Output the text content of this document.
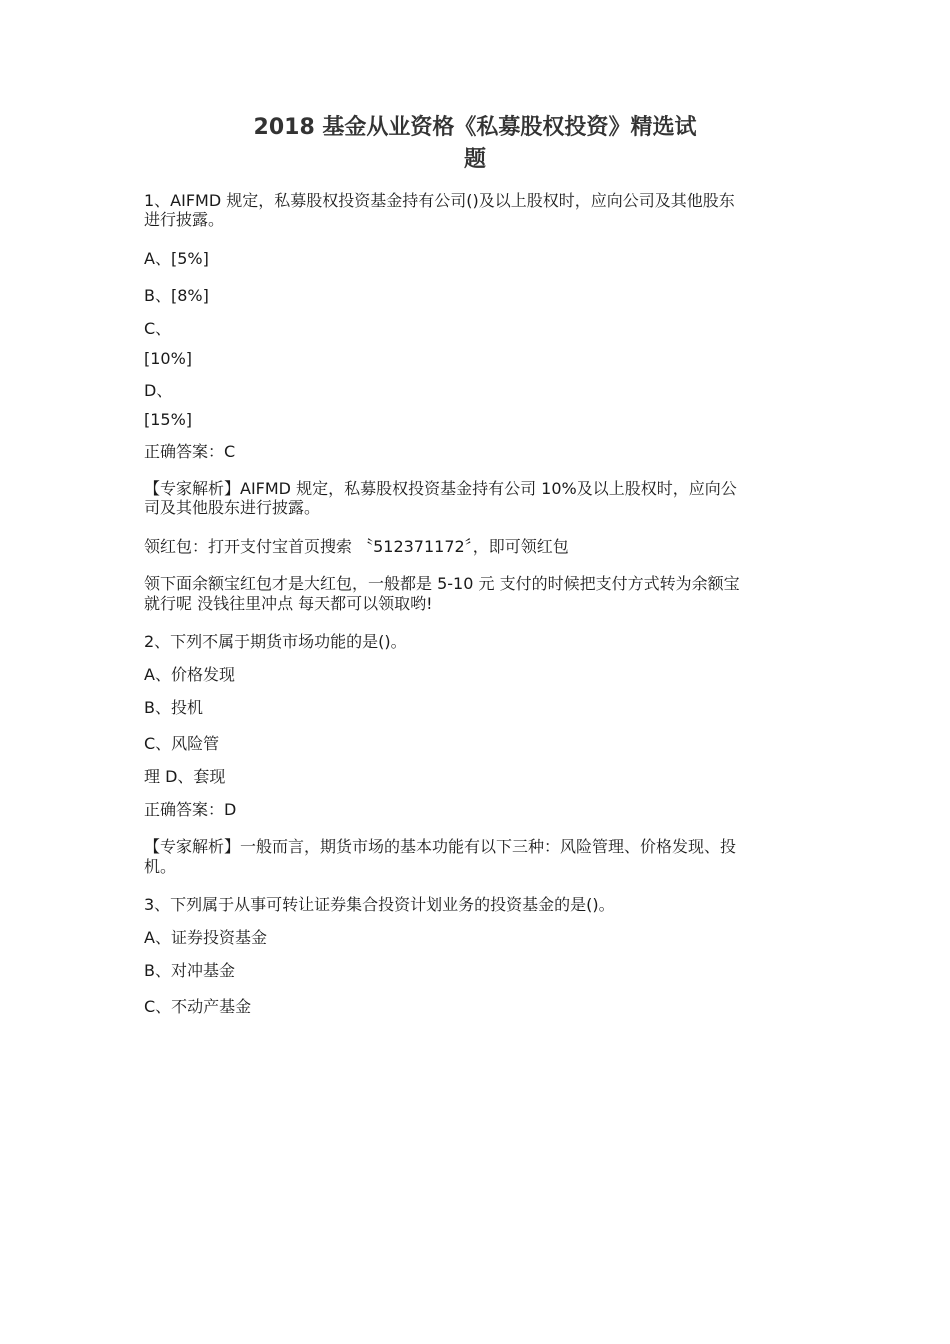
2018 基金从业资格《私募股权投资》精选试

题

1、AIFMD 规定，私募股权投资基金持有公司()及以上股权时，应向公司及其他股东

进行披露。

A、[5%]

B、[8%]

C、

[10%]

D、

[15%]

正确答案：C

【专家解析】AIFMD 规定，私募股权投资基金持有公司 10%及以上股权时，应向公

司及其他股东进行披露。

领红包：打开支付宝首页搜索 〝512371172〞，即可领红包

领下面余额宝红包才是大红包，一般都是 5-10 元 支付的时候把支付方式转为余额宝

就行呢 没钱往里冲点 每天都可以领取哟!

2、下列不属于期货市场功能的是()。

A、价格发现

B、投机

C、风险管

理 D、套现

正确答案：D

【专家解析】一般而言，期货市场的基本功能有以下三种：风险管理、价格发现、投

机。

3、下列属于从事可转让证券集合投资计划业务的投资基金的是()。

A、证券投资基金

B、对冲基金

C、不动产基金
